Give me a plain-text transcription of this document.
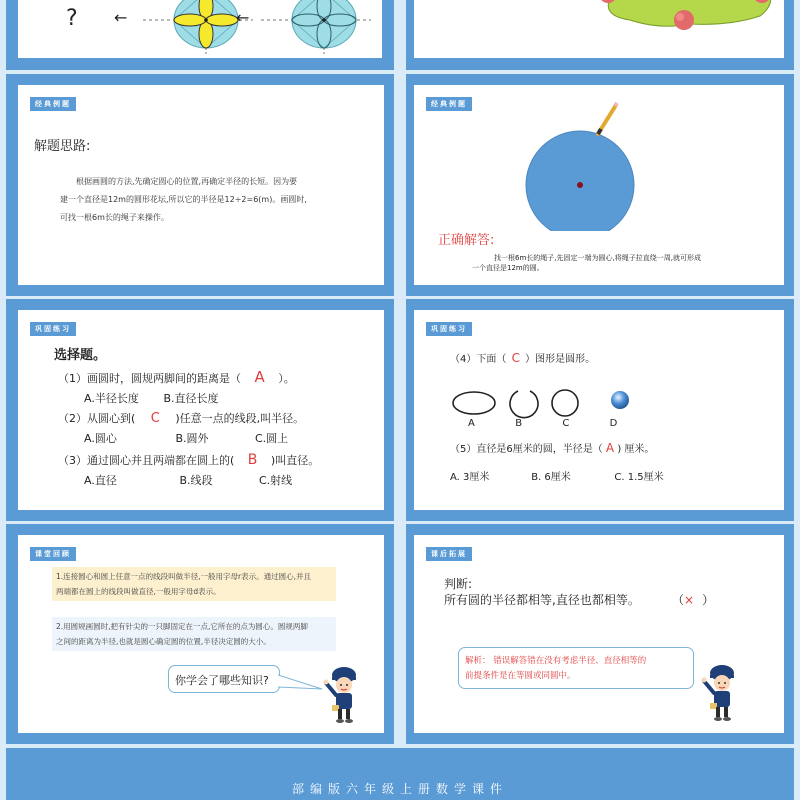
? ←	←
经典例题
解题思路:
根据画圆的方法,先确定圆心的位置,再确定半径的长短。因为要
建一个直径是12m的圆形花坛,所以它的半径是12÷2=6(m)。画圆时,
可找一根6m长的绳子来操作。
经典例题
正确解答:
找一根6m长的绳子,先固定一端为圆心,将绳子拉直绕一周,就可形成
一个直径是12m的圆。
巩固练习
选择题。
（1）画圆时，圆规两脚间的距离是（ A ）。
A.半径长度 B.直径长度
（2）从圆心到( C )任意一点的线段,叫半径。
A.圆心	B.圆外	C.圆上
（3）通过圆心并且两端都在圆上的( B )叫直径。
A.直径	B.线段	C.射线
巩固练习
（4）下面（ C ）图形是圆形。
A	B	C	D
（5）直径是6厘米的圆，半径是（ A ) 厘米。
A. 3厘米	B. 6厘米	C. 1.5厘米
课堂回顾
1.连接圆心和圆上任意一点的线段叫做半径,一般用字母r表示。通过圆心,并且
两端都在圆上的线段叫做直径,一般用字母d表示。
2.用圆规画圆时,把有针尖的一只脚固定在一点,它所在的点为圆心。圆规两脚
之间的距离为半径,也就是圆心确定圆的位置,半径决定圆的大小。
你学会了哪些知识?
课后拓展
判断:
所有圆的半径都相等,直径也都相等。	（× ）
解析： 错误解答错在没有考虑半径、直径相等的
前提条件是在等圆或同圆中。
部编版六年级上册数学课件
